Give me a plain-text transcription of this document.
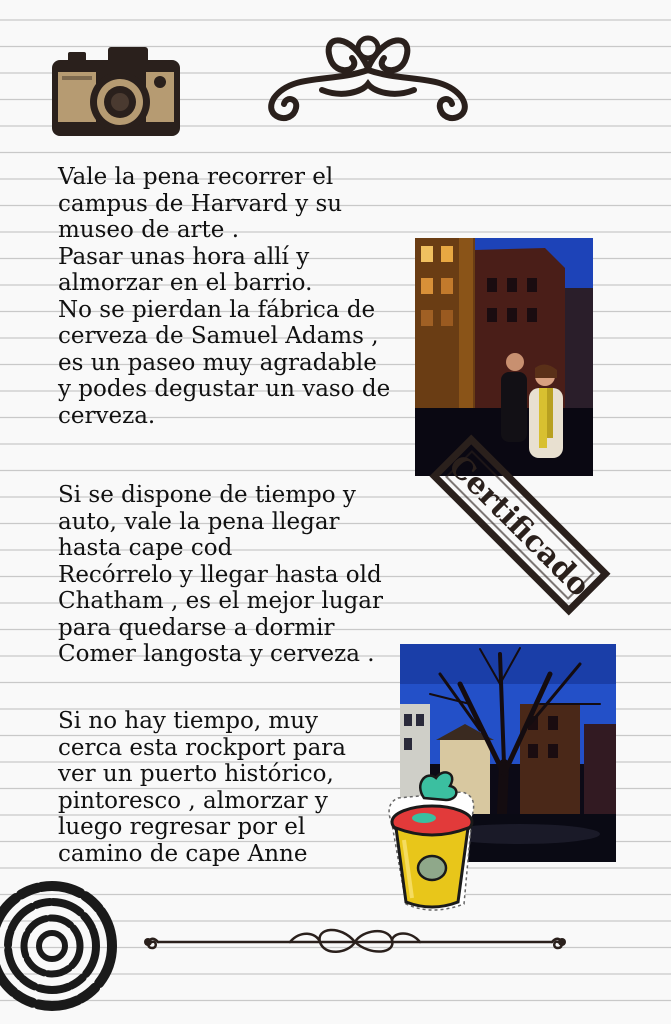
Vale la pena recorrer el
campus de Harvard y su
museo de arte .
Pasar unas hora allí y
almorzar en el barrio.
No se pierdan la fábrica de
cerveza de Samuel Adams ,
es un paseo muy agradable
y podes degustar un vaso de
cerveza.

Si se dispone de tiempo y
auto, vale la pena llegar
hasta cape cod
Recórrelo y llegar hasta old
Chatham , es el mejor lugar
para quedarse a dormir
Comer langosta y cerveza .

Si no hay tiempo, muy
cerca esta rockport para
ver un puerto histórico,
pintoresco , almorzar y
luego regresar por el
camino de cape Anne

Certificado
